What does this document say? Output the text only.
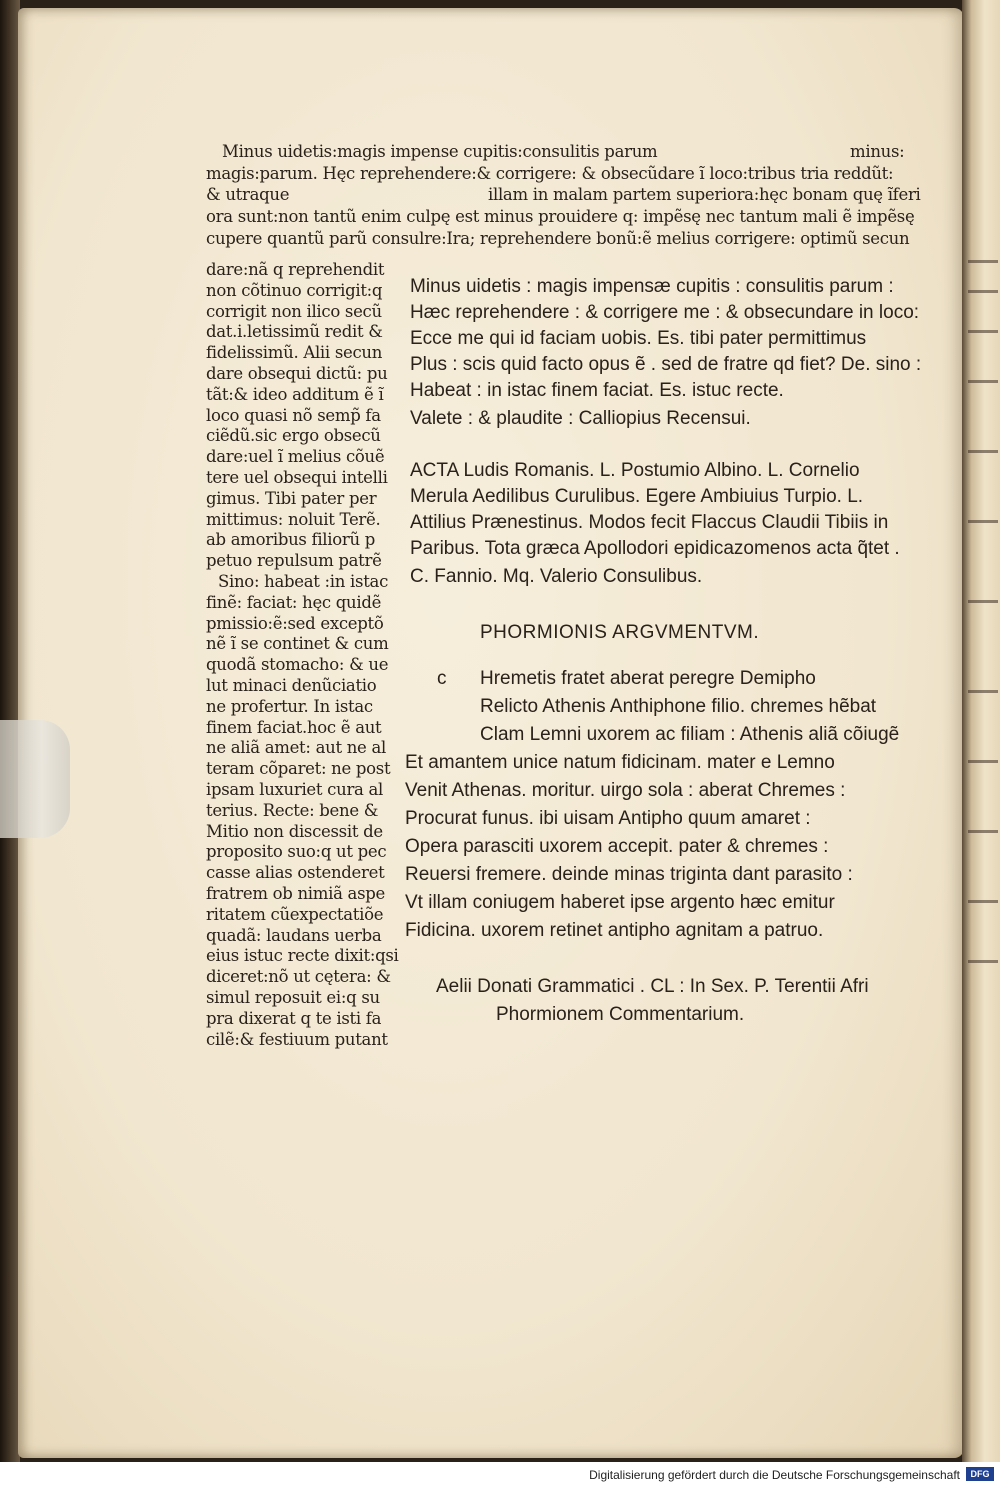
Minus uidetis:magis impense cupitis:consulitis parum	minus:
magis:parum. Hęc reprehendere:& corrigere: & obsecũdare ĩ loco:tribus tria reddũt:
& utraque	illam in malam partem superiora:hęc bonam quę ĩferi
ora sunt:non tantũ enim culpę est minus prouidere q: impẽsę nec tantum mali ẽ impẽsę
cupere quantũ parũ consulre:Ira; reprehendere bonũ:ẽ melius corrigere: optimũ secun
Minus uidetis : magis impensæ cupitis : consulitis parum :
Hæc reprehendere : & corrigere me : & obsecundare in loco:
Ecce me qui id faciam uobis. Es. tibi pater permittimus
Plus : scis quid facto opus ẽ . sed de fratre qd fiet? De. sino :
Habeat : in istac finem faciat. Es. istuc recte.
Valete : & plaudite : Calliopius Recensui.
ACTA Ludis Romanis. L. Postumio Albino. L. Cornelio
Merula Aedilibus Curulibus. Egere Ambiuius Turpio. L.
Attilius Prænestinus. Modos fecit Flaccus Claudii Tibiis in
Paribus. Tota græca Apollodori epidicazomenos acta q̃tet .
C. Fannio. Mq. Valerio Consulibus.
PHORMIONIS ARGVMENTVM.
c Hremetis fratet aberat peregre Demipho
Relicto Athenis Anthiphone filio. chremes hẽbat
Clam Lemni uxorem ac filiam : Athenis aliã cõiugẽ
Et amantem unice natum fidicinam. mater e Lemno
Venit Athenas. moritur. uirgo sola : aberat Chremes :
Procurat funus. ibi uisam Antipho quum amaret :
Opera parasciti uxorem accepit. pater & chremes :
Reuersi fremere. deinde minas triginta dant parasito :
Vt illam coniugem haberet ipse argento hæc emitur
Fidicina. uxorem retinet antipho agnitam a patruo.
Aelii Donati Grammatici . CL : In Sex. P. Terentii Afri
Phormionem Commentarium.
dare:nã q reprehendit
non cõtinuo corrigit:q
corrigit non ilico secũ
dat.i.letissimũ redit &
fidelissimũ. Alii secun
dare obsequi dictũ: pu
tãt:& ideo additum ẽ ĩ
loco quasi nõ semp̃ fa
ciẽdũ.sic ergo obsecũ
dare:uel ĩ melius cõuẽ
tere uel obsequi intelli
gimus. Tibi pater per
mittimus: noluit Terẽ.
ab amoribus filiorũ p
petuo repulsum patrẽ
Sino: habeat :in istac
finẽ: faciat: hęc quidẽ
pmissio:ẽ:sed exceptõ
nẽ ĩ se continet & cum
quodã stomacho: & ue
lut minaci denũciatio
ne profertur. In istac
finem faciat.hoc ẽ aut
ne aliã amet: aut ne al
teram cõparet: ne post
ipsam luxuriet cura al
terius. Recte: bene &
Mitio non discessit de
proposito suo:q ut pec
casse alias ostenderet
fratrem ob nimiã aspe
ritatem cũexpectatiõe
quadã: laudans uerba
eius istuc recte dixit:qsi
diceret:nõ ut cętera: &
simul reposuit ei:q su
pra dixerat q te isti fa
cilẽ:& festiuum putant
Digitalisierung gefördert durch die Deutsche Forschungsgemeinschaft	DFG
